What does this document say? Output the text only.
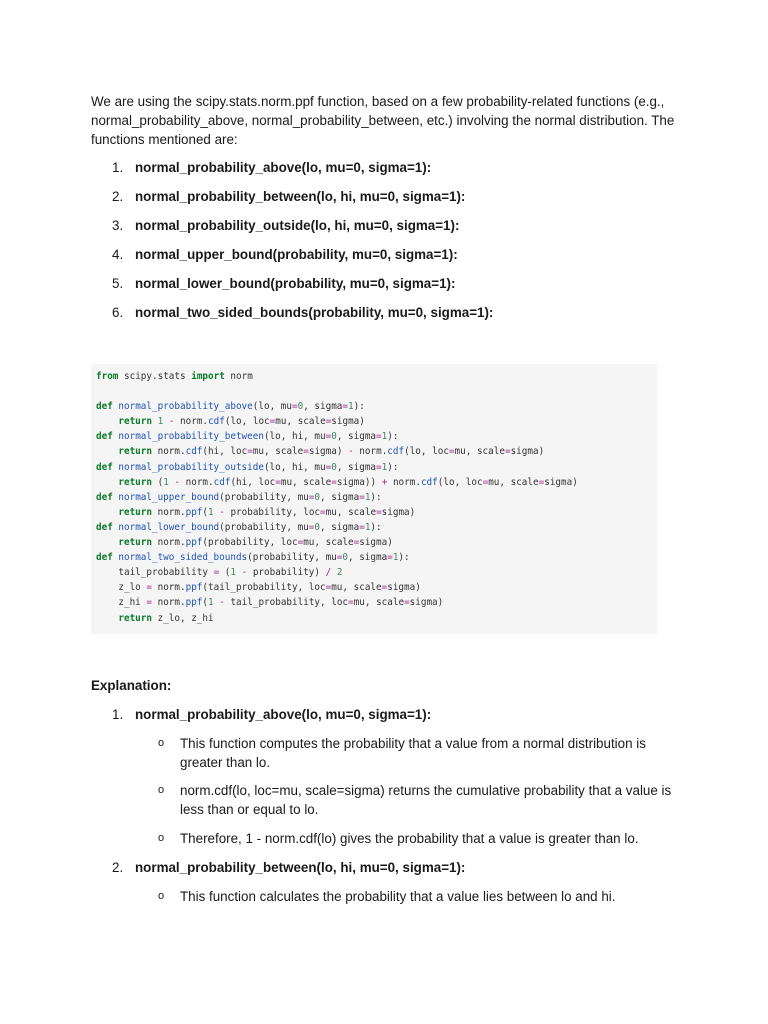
We are using the scipy.stats.norm.ppf function, based on a few probability-related functions (e.g., normal_probability_above, normal_probability_between, etc.) involving the normal distribution. The functions mentioned are:

1. normal_probability_above(lo, mu=0, sigma=1):
2. normal_probability_between(lo, hi, mu=0, sigma=1):
3. normal_probability_outside(lo, hi, mu=0, sigma=1):
4. normal_upper_bound(probability, mu=0, sigma=1):
5. normal_lower_bound(probability, mu=0, sigma=1):
6. normal_two_sided_bounds(probability, mu=0, sigma=1):
from scipy.stats import norm

def normal_probability_above(lo, mu=0, sigma=1):
return 1 - norm.cdf(lo, loc=mu, scale=sigma)
def normal_probability_between(lo, hi, mu=0, sigma=1):
return norm.cdf(hi, loc=mu, scale=sigma) - norm.cdf(lo, loc=mu, scale=sigma)
def normal_probability_outside(lo, hi, mu=0, sigma=1):
return (1 - norm.cdf(hi, loc=mu, scale=sigma)) + norm.cdf(lo, loc=mu, scale=sigma)
def normal_upper_bound(probability, mu=0, sigma=1):
return norm.ppf(1 - probability, loc=mu, scale=sigma)
def normal_lower_bound(probability, mu=0, sigma=1):
return norm.ppf(probability, loc=mu, scale=sigma)
def normal_two_sided_bounds(probability, mu=0, sigma=1):
tail_probability = (1 - probability) / 2
z_lo = norm.ppf(tail_probability, loc=mu, scale=sigma)
z_hi = norm.ppf(1 - tail_probability, loc=mu, scale=sigma)
return z_lo, z_hi

Explanation:

1. normal_probability_above(lo, mu=0, sigma=1):
o This function computes the probability that a value from a normal distribution is greater than lo.
o norm.cdf(lo, loc=mu, scale=sigma) returns the cumulative probability that a value is less than or equal to lo.
o Therefore, 1 - norm.cdf(lo) gives the probability that a value is greater than lo.
2. normal_probability_between(lo, hi, mu=0, sigma=1):
o This function calculates the probability that a value lies between lo and hi.
